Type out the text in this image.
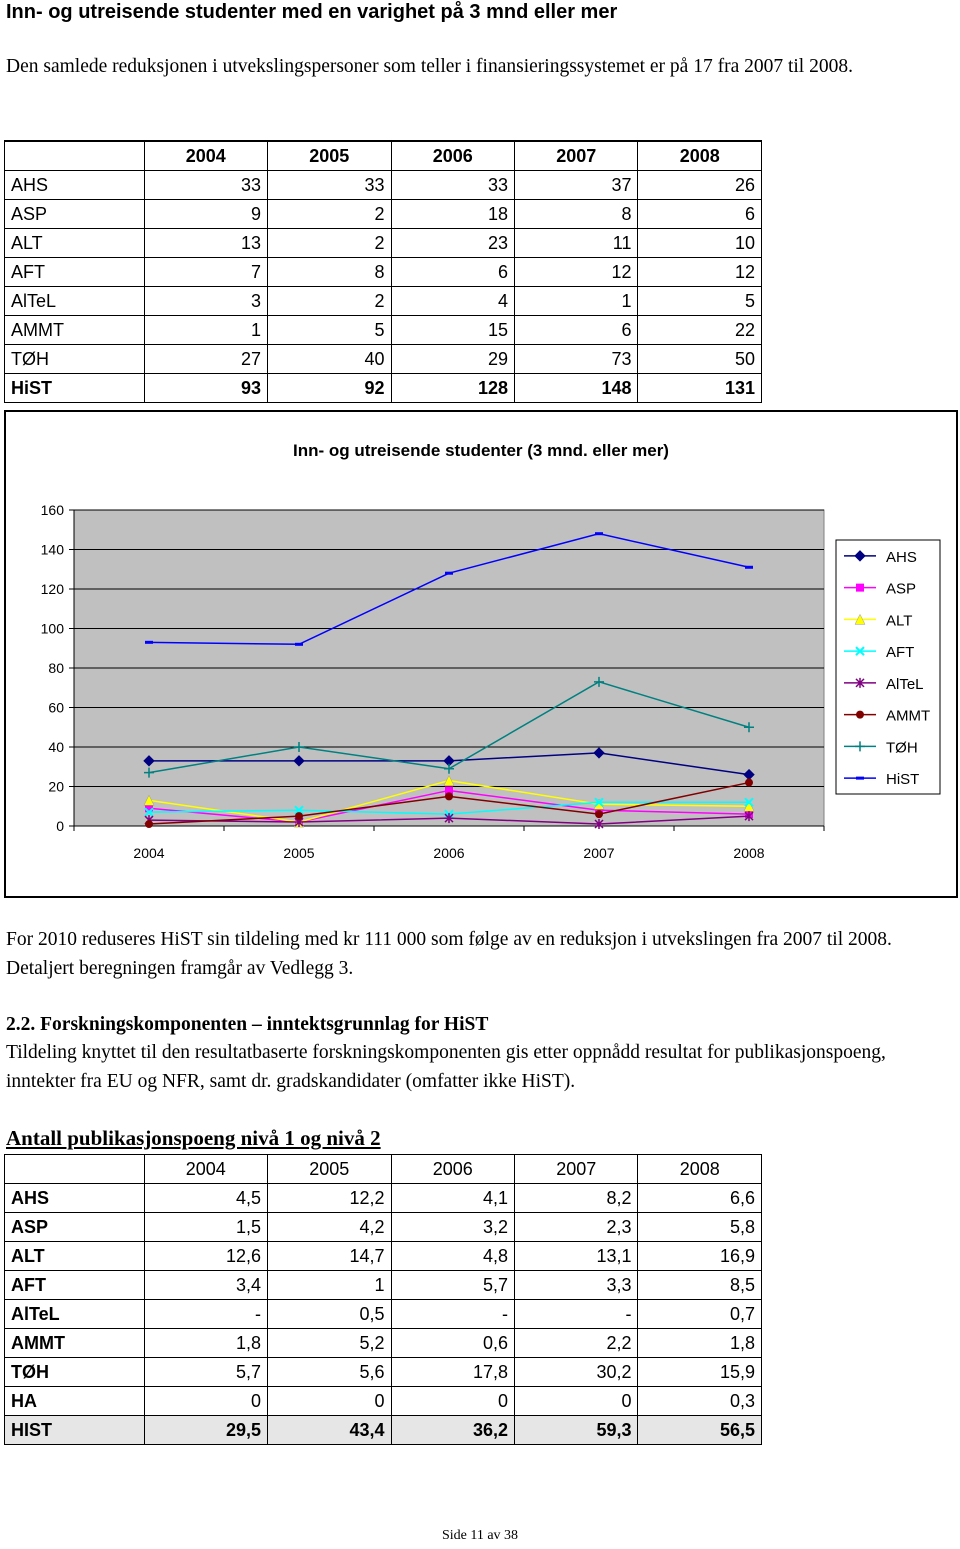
Inn- og utreisende studenter med en varighet på 3 mnd eller mer
Den samlede reduksjonen i utvekslingspersoner som teller i finansieringssystemet er på 17 fra 2007 til 2008.
	2004	2005	2006	2007	2008
AHS	33	33	33	37	26
ASP	9	2	18	8	6
ALT	13	2	23	11	10
AFT	7	8	6	12	12
AlTeL	3	2	4	1	5
AMMT	1	5	15	6	22
TØH	27	40	29	73	50
HiST	93	92	128	148	131
Inn- og utreisende studenter (3 mnd. eller mer)
0
20
40
60
80
100
120
140
160
2004	2005	2006	2007	2008
AHS
ASP
ALT
AFT
AlTeL
AMMT
TØH
HiST
For 2010 reduseres HiST sin tildeling med kr 111 000 som følge av en reduksjon i utvekslingen fra 2007 til 2008. Detaljert beregningen framgår av Vedlegg 3.
2.2. Forskningskomponenten – inntektsgrunnlag for HiST
Tildeling knyttet til den resultatbaserte forskningskomponenten gis etter oppnådd resultat for publikasjonspoeng, inntekter fra EU og NFR, samt dr. gradskandidater (omfatter ikke HiST).
Antall publikasjonspoeng nivå 1 og nivå 2
	2004	2005	2006	2007	2008
AHS	4,5	12,2	4,1	8,2	6,6
ASP	1,5	4,2	3,2	2,3	5,8
ALT	12,6	14,7	4,8	13,1	16,9
AFT	3,4	1	5,7	3,3	8,5
AlTeL	-	0,5	-	-	0,7
AMMT	1,8	5,2	0,6	2,2	1,8
TØH	5,7	5,6	17,8	30,2	15,9
HA	0	0	0	0	0,3
HIST	29,5	43,4	36,2	59,3	56,5
Side 11 av 38
